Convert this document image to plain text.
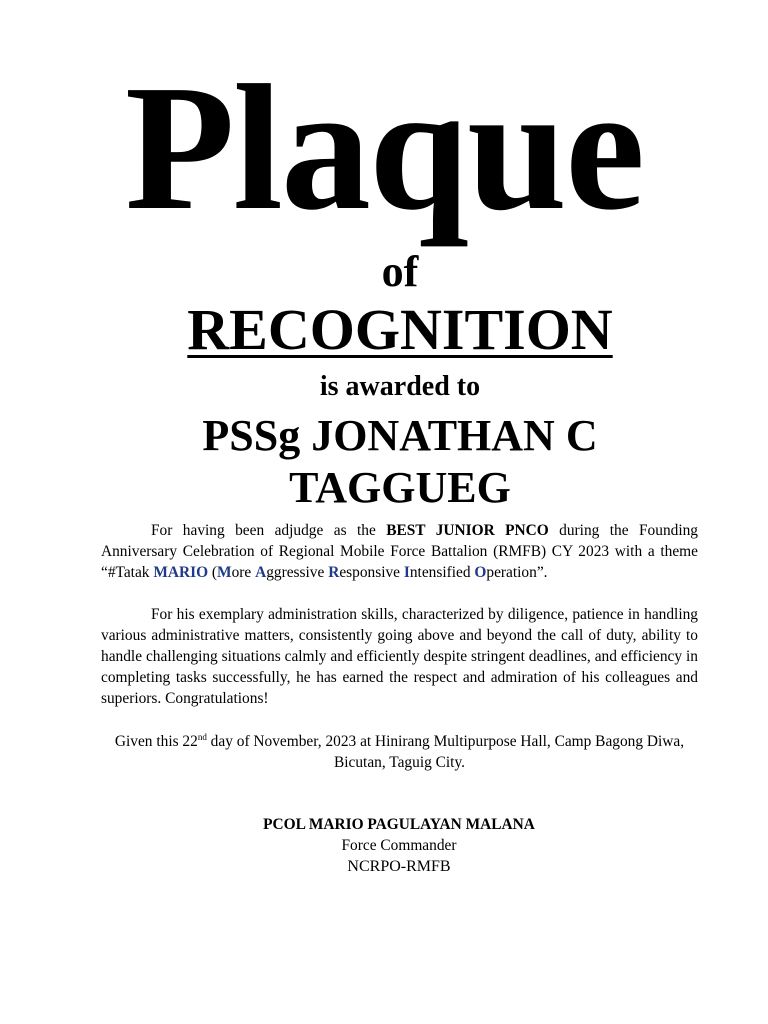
Plaque
of
RECOGNITION
is awarded to
PSSg JONATHAN C
TAGGUEG

For having been adjudge as the BEST JUNIOR PNCO during the Founding Anniversary Celebration of Regional Mobile Force Battalion (RMFB) CY 2023 with a theme “#Tatak MARIO (More Aggressive Responsive Intensified Operation”.

For his exemplary administration skills, characterized by diligence, patience in handling various administrative matters, consistently going above and beyond the call of duty, ability to handle challenging situations calmly and efficiently despite stringent deadlines, and efficiency in completing tasks successfully, he has earned the respect and admiration of his colleagues and superiors. Congratulations!

Given this 22nd day of November, 2023 at Hinirang Multipurpose Hall, Camp Bagong Diwa, Bicutan, Taguig City.
PCOL MARIO PAGULAYAN MALANA
Force Commander
NCRPO-RMFB
